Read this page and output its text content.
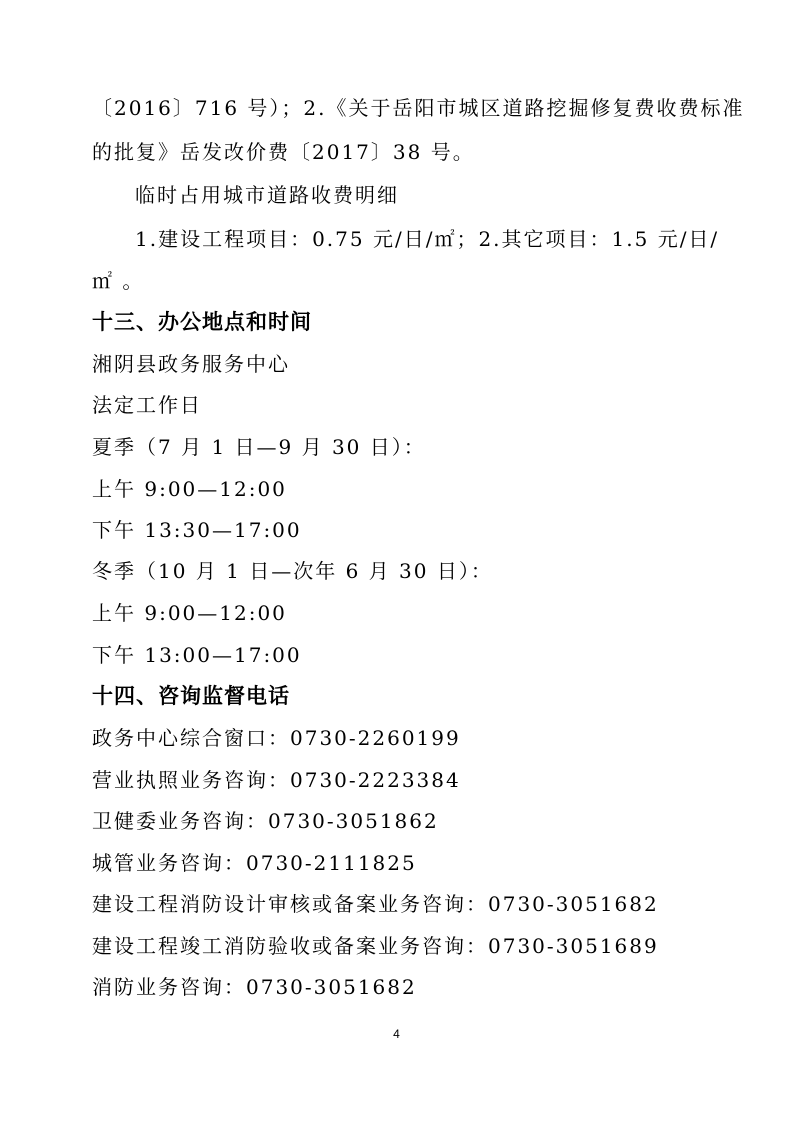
〔2016〕716 号）；2.《关于岳阳市城区道路挖掘修复费收费标准
的批复》岳发改价费〔2017〕38 号。
临时占用城市道路收费明细
1.建设工程项目：0.75 元/日/㎡；2.其它项目：1.5 元/日/
㎡ 。
十三、办公地点和时间
湘阴县政务服务中心
法定工作日
夏季（7 月 1 日—9 月 30 日）：
上午 9:00—12:00
下午 13:30—17:00
冬季（10 月 1 日—次年 6 月 30 日）：
上午 9:00—12:00
下午 13:00—17:00
十四、咨询监督电话
政务中心综合窗口：0730-2260199
营业执照业务咨询：0730-2223384
卫健委业务咨询：0730-3051862
城管业务咨询：0730-2111825
建设工程消防设计审核或备案业务咨询：0730-3051682
建设工程竣工消防验收或备案业务咨询：0730-3051689
消防业务咨询：0730-3051682
4
